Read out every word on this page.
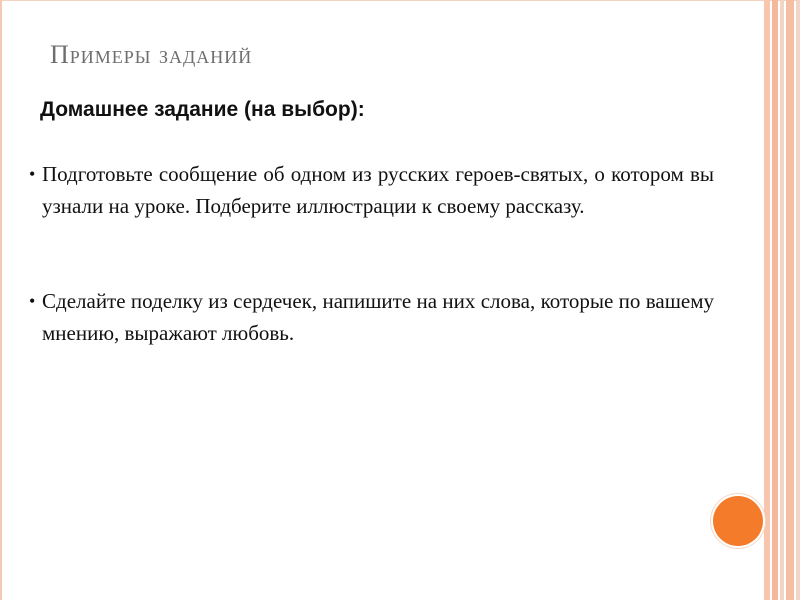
Примеры заданий
Домашнее задание (на выбор):
• Подготовьте сообщение об одном из русских героев-святых, о котором вы узнали на уроке. Подберите иллюстрации к своему рассказу.
• Сделайте поделку из сердечек, напишите на них слова, которые по вашему мнению, выражают любовь.
